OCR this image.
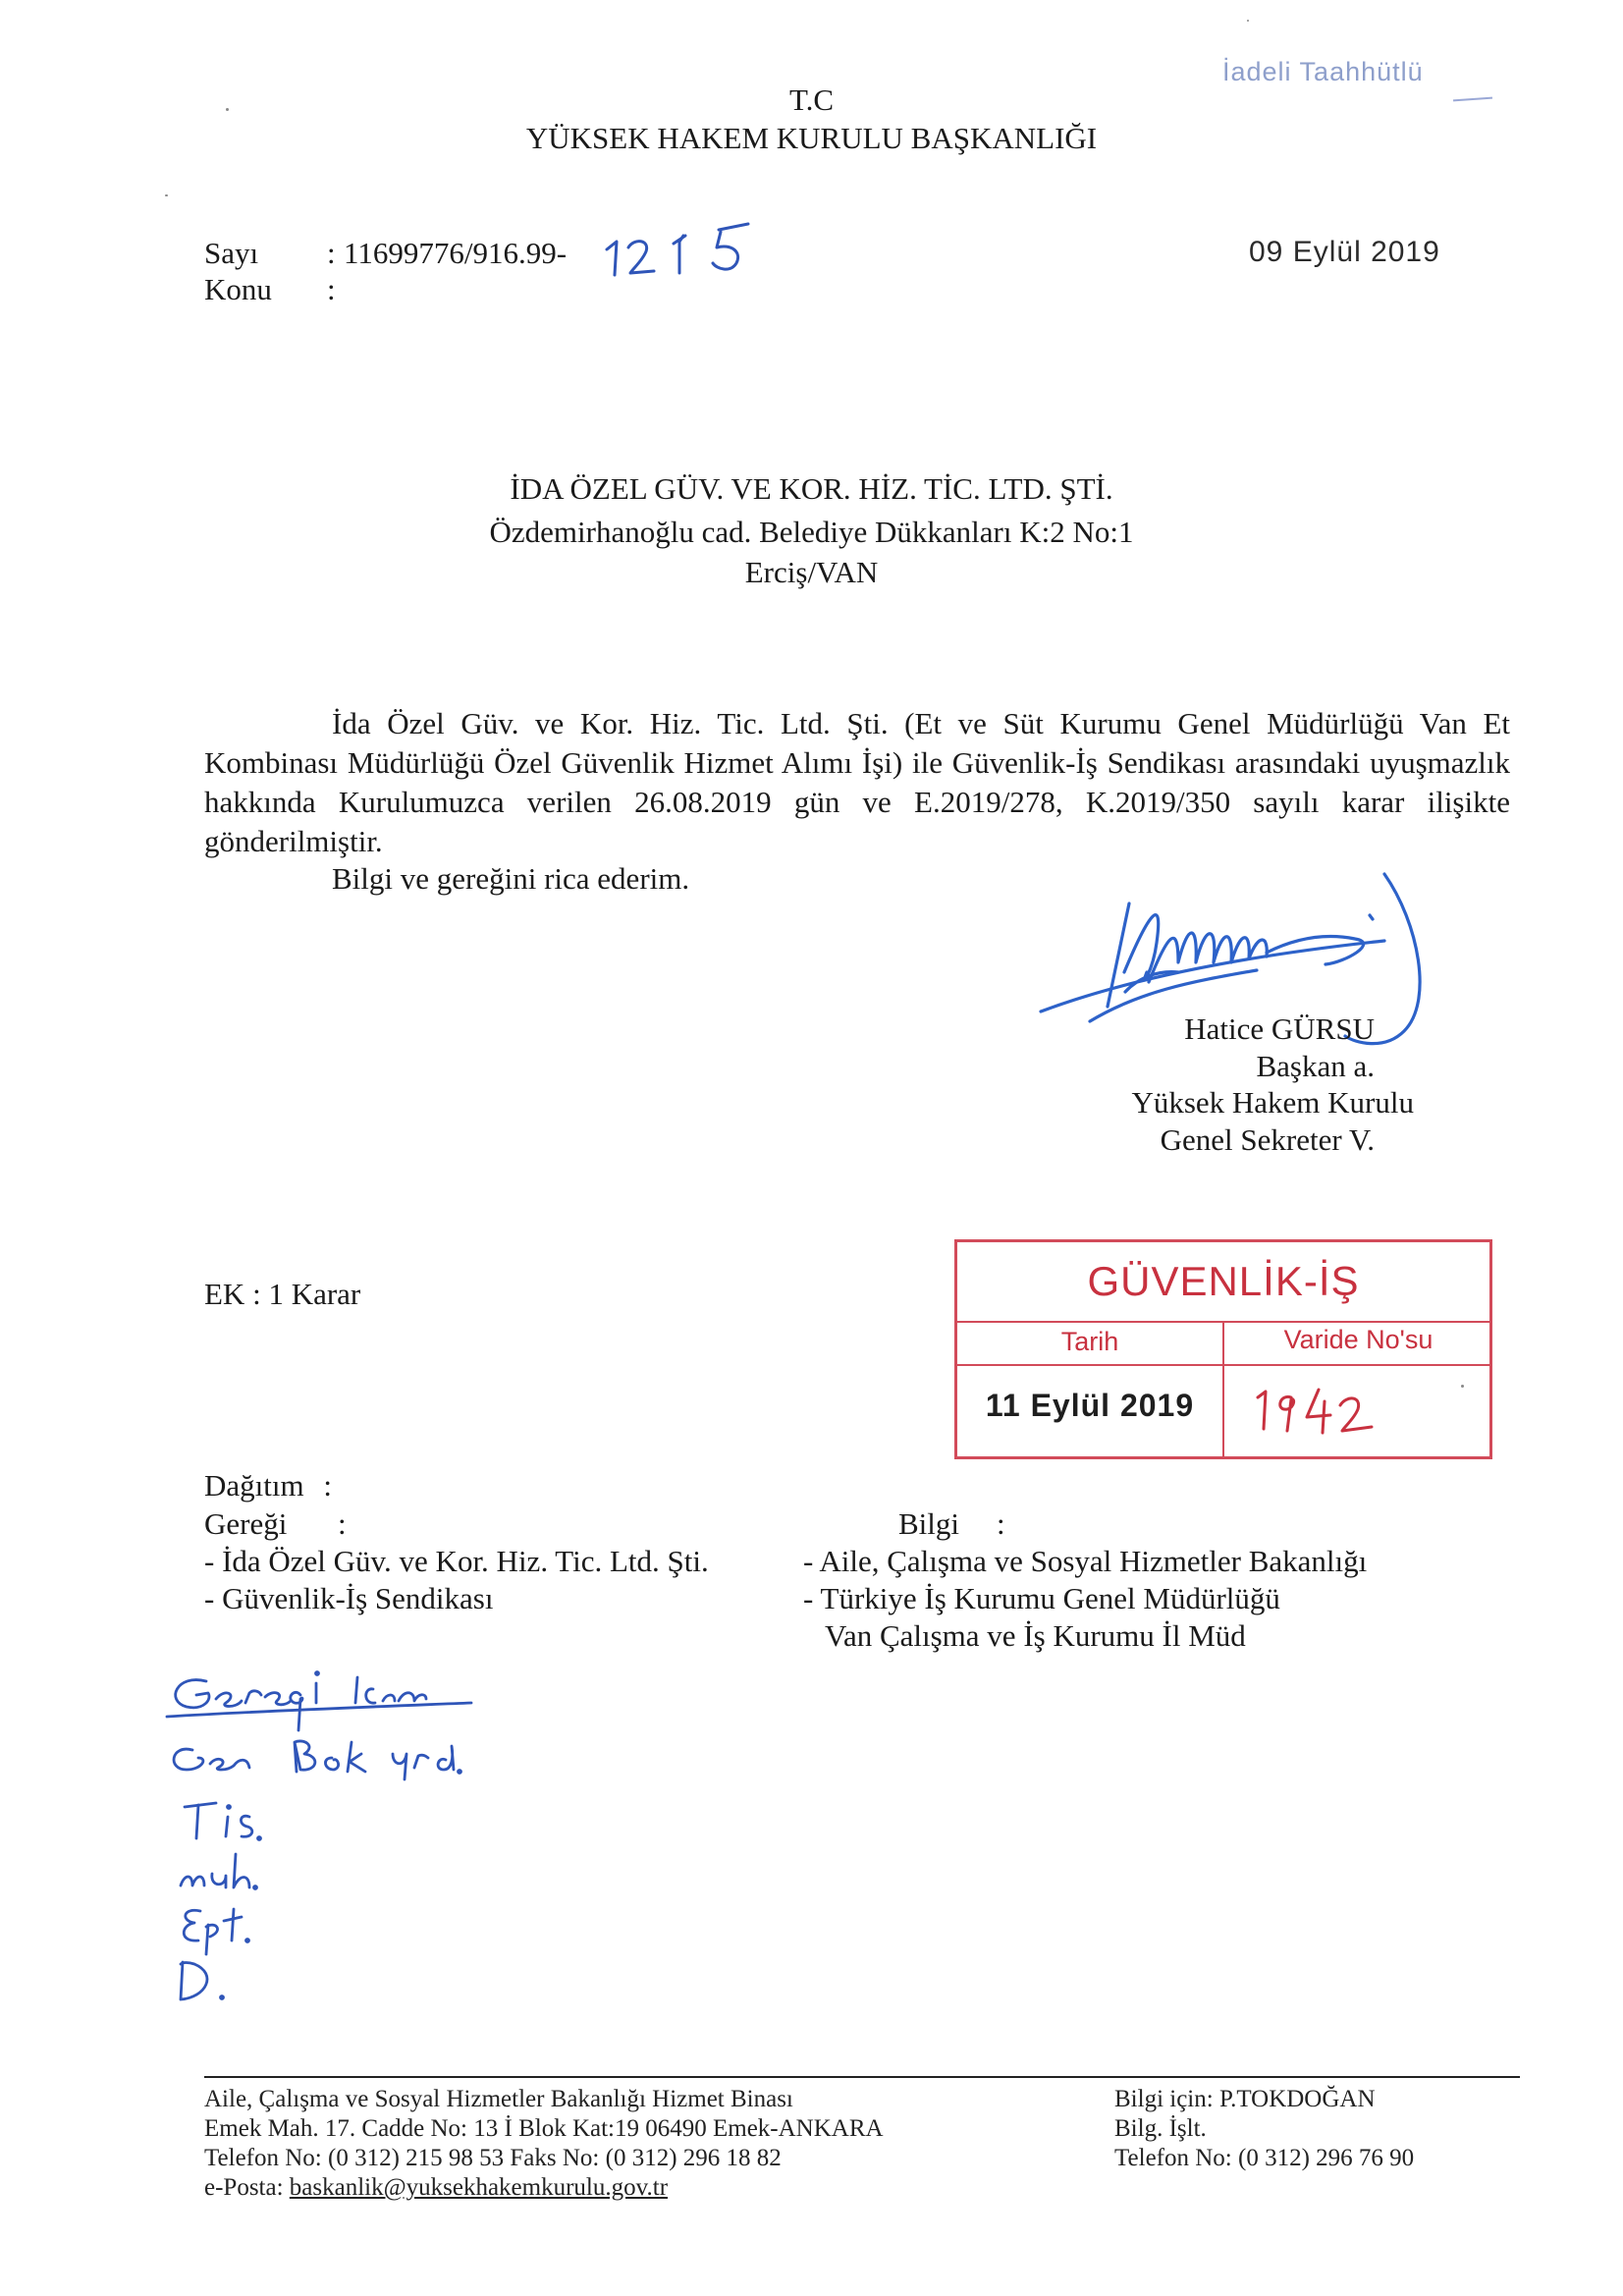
T.C
YÜKSEK HAKEM KURULU BAŞKANLIĞI
İadeli Taahhütlü
Sayı : 11699776/916.99-
1215
09 Eylül 2019
Konu :
İDA ÖZEL GÜV. VE KOR. HİZ. TİC. LTD. ŞTİ.
Özdemirhanoğlu cad. Belediye Dükkanları K:2 No:1
Erciş/VAN

İda Özel Güv. ve Kor. Hiz. Tic. Ltd. Şti. (Et ve Süt Kurumu Genel Müdürlüğü Van Et Kombinası Müdürlüğü Özel Güvenlik Hizmet Alımı İşi) ile Güvenlik-İş Sendikası arasındaki uyuşmazlık hakkında Kurulumuzca verilen 26.08.2019 gün ve E.2019/278, K.2019/350 sayılı karar ilişikte gönderilmiştir.

Bilgi ve gereğini rica ederim.
Hatice GÜRSU
Başkan a.
Yüksek Hakem Kurulu
Genel Sekreter V.
EK : 1 Karar	GÜVENLİK-İŞ
Tarih	Varide No'su
11 Eylül 2019
1942
Dağıtım :
Gereği :
- İda Özel Güv. ve Kor. Hiz. Tic. Ltd. Şti.
- Güvenlik-İş Sendikası
Bilgi :
- Aile, Çalışma ve Sosyal Hizmetler Bakanlığı
- Türkiye İş Kurumu Genel Müdürlüğü
Van Çalışma ve İş Kurumu İl Müd
Aile, Çalışma ve Sosyal Hizmetler Bakanlığı Hizmet Binası
Emek Mah. 17. Cadde No: 13 İ Blok Kat:19 06490 Emek-ANKARA
Telefon No: (0 312) 215 98 53 Faks No: (0 312) 296 18 82
e-Posta: baskanlik@yuksekhakemkurulu.gov.tr
Bilgi için: P.TOKDOĞAN
Bilg. İşlt.
Telefon No: (0 312) 296 76 90
